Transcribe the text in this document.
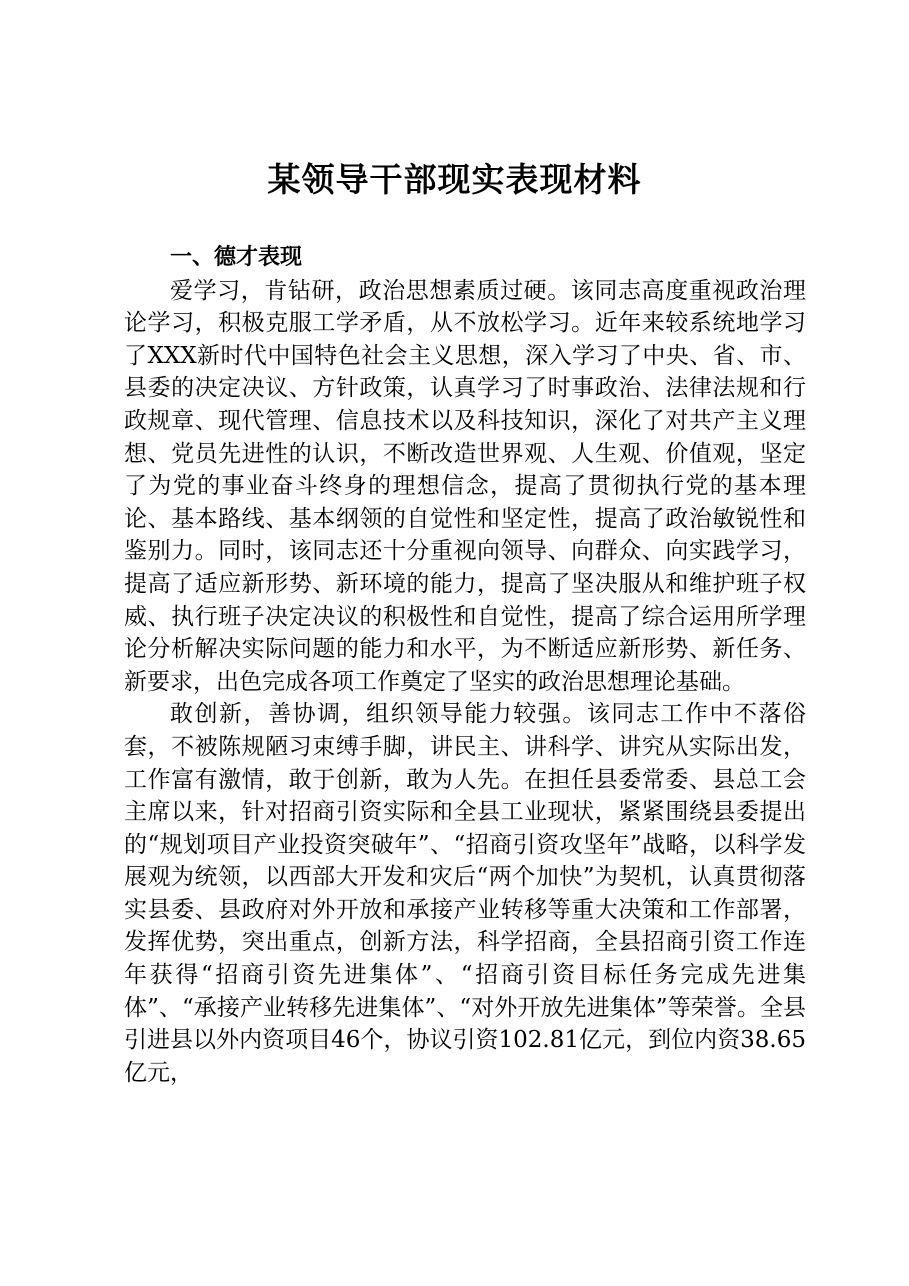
某领导干部现实表现材料

一、德才表现

爱学习，肯钻研，政治思想素质过硬。该同志高度重视政治理论学习，积极克服工学矛盾，从不放松学习。近年来较系统地学习了XXX新时代中国特色社会主义思想，深入学习了中央、省、市、县委的决定决议、方针政策，认真学习了时事政治、法律法规和行政规章、现代管理、信息技术以及科技知识，深化了对共产主义理想、党员先进性的认识，不断改造世界观、人生观、价值观，坚定了为党的事业奋斗终身的理想信念，提高了贯彻执行党的基本理论、基本路线、基本纲领的自觉性和坚定性，提高了政治敏锐性和鉴别力。同时，该同志还十分重视向领导、向群众、向实践学习，提高了适应新形势、新环境的能力，提高了坚决服从和维护班子权威、执行班子决定决议的积极性和自觉性，提高了综合运用所学理论分析解决实际问题的能力和水平，为不断适应新形势、新任务、新要求，出色完成各项工作奠定了坚实的政治思想理论基础。

敢创新，善协调，组织领导能力较强。该同志工作中不落俗套，不被陈规陋习束缚手脚，讲民主、讲科学、讲究从实际出发，工作富有激情，敢于创新，敢为人先。在担任县委常委、县总工会主席以来，针对招商引资实际和全县工业现状，紧紧围绕县委提出的“规划项目产业投资突破年”、“招商引资攻坚年”战略，以科学发展观为统领，以西部大开发和灾后“两个加快”为契机，认真贯彻落实县委、县政府对外开放和承接产业转移等重大决策和工作部署，发挥优势，突出重点，创新方法，科学招商，全县招商引资工作连年获得“招商引资先进集体”、“招商引资目标任务完成先进集体”、“承接产业转移先进集体”、“对外开放先进集体”等荣誉。全县引进县以外内资项目46个，协议引资102.81亿元，到位内资38.65亿元，
